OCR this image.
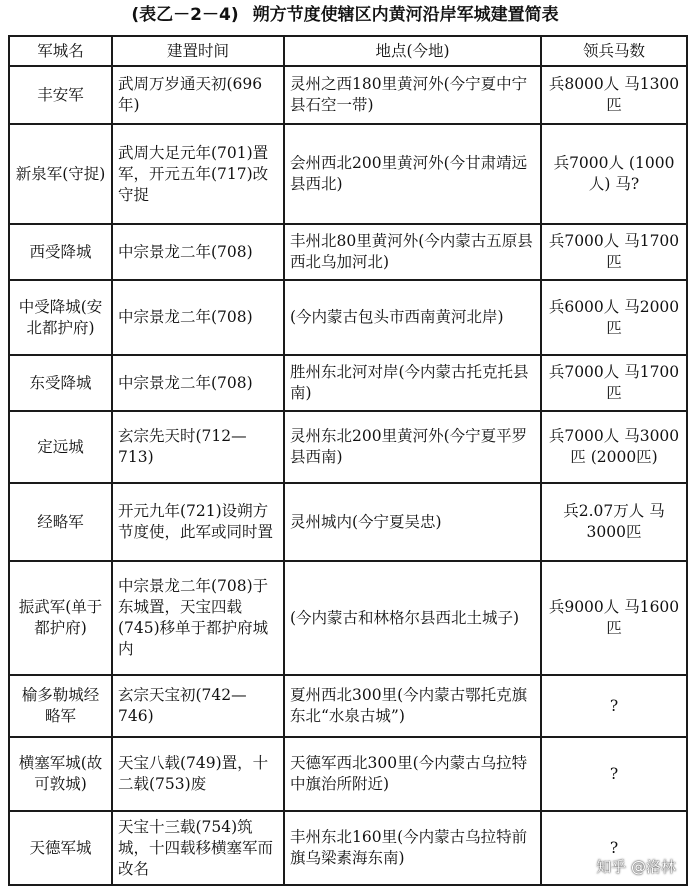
(表乙－2－4) 朔方节度使辖区内黄河沿岸军城建置简表
军城名	建置时间	地点(今地)	领兵马数
丰安军	武周万岁通天初(696年)	灵州之西180里黄河外(今宁夏中宁县石空一带)	兵8000人 马1300匹
新泉军(守捉)	武周大足元年(701)置军，开元五年(717)改守捉	会州西北200里黄河外(今甘肃靖远县西北)	兵7000人 (1000人) 马?
西受降城	中宗景龙二年(708)	丰州北80里黄河外(今内蒙古五原县西北乌加河北)	兵7000人 马1700匹
中受降城(安北都护府)	中宗景龙二年(708)	(今内蒙古包头市西南黄河北岸)	兵6000人 马2000匹
东受降城	中宗景龙二年(708)	胜州东北河对岸(今内蒙古托克托县南)	兵7000人 马1700匹
定远城	玄宗先天时(712—713)	灵州东北200里黄河外(今宁夏平罗县西南)	兵7000人 马3000匹 (2000匹)
经略军	开元九年(721)设朔方节度使，此军或同时置	灵州城内(今宁夏吴忠)	兵2.07万人 马3000匹
振武军(单于都护府)	中宗景龙二年(708)于东城置，天宝四载(745)移单于都护府城内	(今内蒙古和林格尔县西北土城子)	兵9000人 马1600匹
榆多勒城经略军	玄宗天宝初(742—746)	夏州西北300里(今内蒙古鄂托克旗东北“水泉古城”)	?
横塞军城(故可敦城)	天宝八载(749)置，十二载(753)废	天德军西北300里(今内蒙古乌拉特中旗治所附近)	?
天德军城	天宝十三载(754)筑城，十四载移横塞军而改名	丰州东北160里(今内蒙古乌拉特前旗乌梁素海东南)	?
知乎 @洛林
